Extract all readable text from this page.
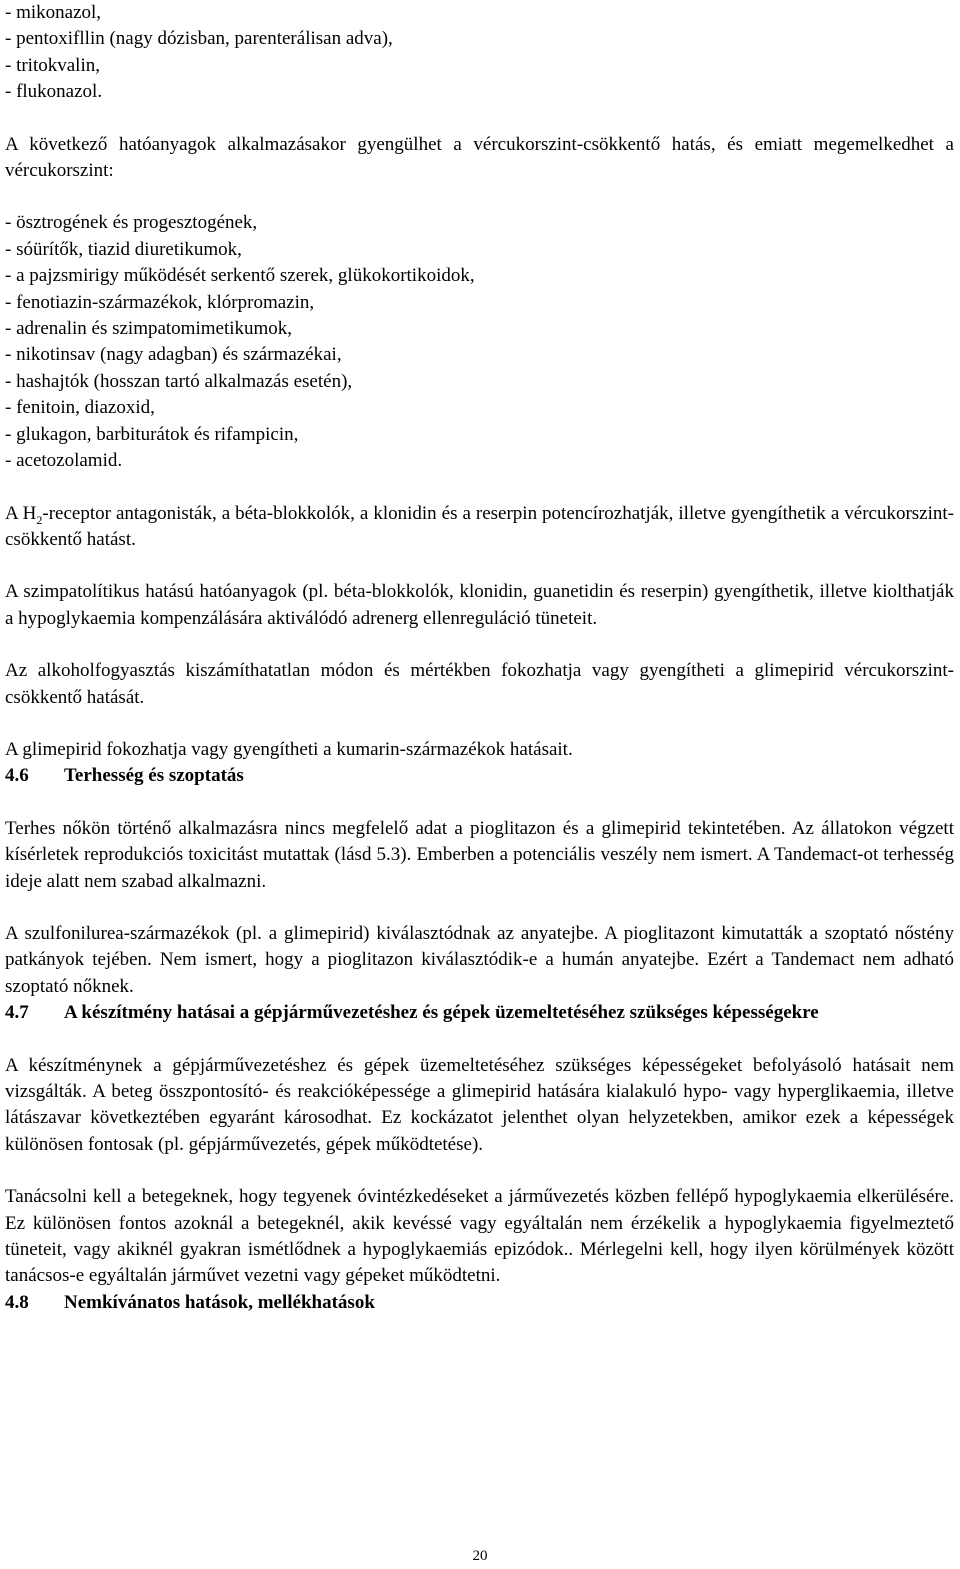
- mikonazol,
- pentoxifllin (nagy dózisban, parenterálisan adva),
- tritokvalin,
- flukonazol.

A következő hatóanyagok alkalmazásakor gyengülhet a vércukorszint-csökkentő hatás, és emiatt megemelkedhet a vércukorszint:

- ösztrogének és progesztogének,
- sóürítők, tiazid diuretikumok,
- a pajzsmirigy működését serkentő szerek, glükokortikoidok,
- fenotiazin-származékok, klórpromazin,
- adrenalin és szimpatomimetikumok,
- nikotinsav (nagy adagban) és származékai,
- hashajtók (hosszan tartó alkalmazás esetén),
- fenitoin, diazoxid,
- glukagon, barbiturátok és rifampicin,
- acetozolamid.

A $H_2$-receptor antagonisták, a béta-blokkolók, a klonidin és a reserpin potencírozhatják, illetve gyengíthetik a vércukorszint-csökkentő hatást.

A szimpatolítikus hatású hatóanyagok (pl. béta-blokkolók, klonidin, guanetidin és reserpin) gyengíthetik, illetve kiolthatják a hypoglykaemia kompenzálására aktiválódó adrenerg ellenreguláció tüneteit.

Az alkoholfogyasztás kiszámíthatatlan módon és mértékben fokozhatja vagy gyengítheti a glimepirid vércukorszint-csökkentő hatását.

A glimepirid fokozhatja vagy gyengítheti a kumarin-származékok hatásait.

4.6	Terhesség és szoptatás

Terhes nőkön történő alkalmazásra nincs megfelelő adat a pioglitazon és a glimepirid tekintetében. Az állatokon végzett kísérletek reprodukciós toxicitást mutattak (lásd 5.3). Emberben a potenciális veszély nem ismert. A Tandemact-ot terhesség ideje alatt nem szabad alkalmazni.

A szulfonilurea-származékok (pl. a glimepirid) kiválasztódnak az anyatejbe. A pioglitazont kimutatták a szoptató nőstény patkányok tejében. Nem ismert, hogy a pioglitazon kiválasztódik-e a humán anyatejbe. Ezért a Tandemact nem adható szoptató nőknek.

4.7	A készítmény hatásai a gépjárművezetéshez és gépek üzemeltetéséhez szükséges képességekre

A készítménynek a gépjárművezetéshez és gépek üzemeltetéséhez szükséges képességeket befolyásoló hatásait nem vizsgálták. A beteg összpontosító- és reakcióképessége a glimepirid hatására kialakuló hypo- vagy hyperglikaemia, illetve látászavar következtében egyaránt károsodhat. Ez kockázatot jelenthet olyan helyzetekben, amikor ezek a képességek különösen fontosak (pl. gépjárművezetés, gépek működtetése).

Tanácsolni kell a betegeknek, hogy tegyenek óvintézkedéseket a járművezetés közben fellépő hypoglykaemia elkerülésére. Ez különösen fontos azoknál a betegeknél, akik kevéssé vagy egyáltalán nem érzékelik a hypoglykaemia figyelmeztető tüneteit, vagy akiknél gyakran ismétlődnek a hypoglykaemiás epizódok.. Mérlegelni kell, hogy ilyen körülmények között tanácsos-e egyáltalán járművet vezetni vagy gépeket működtetni.

4.8	Nemkívánatos hatások, mellékhatások
20
